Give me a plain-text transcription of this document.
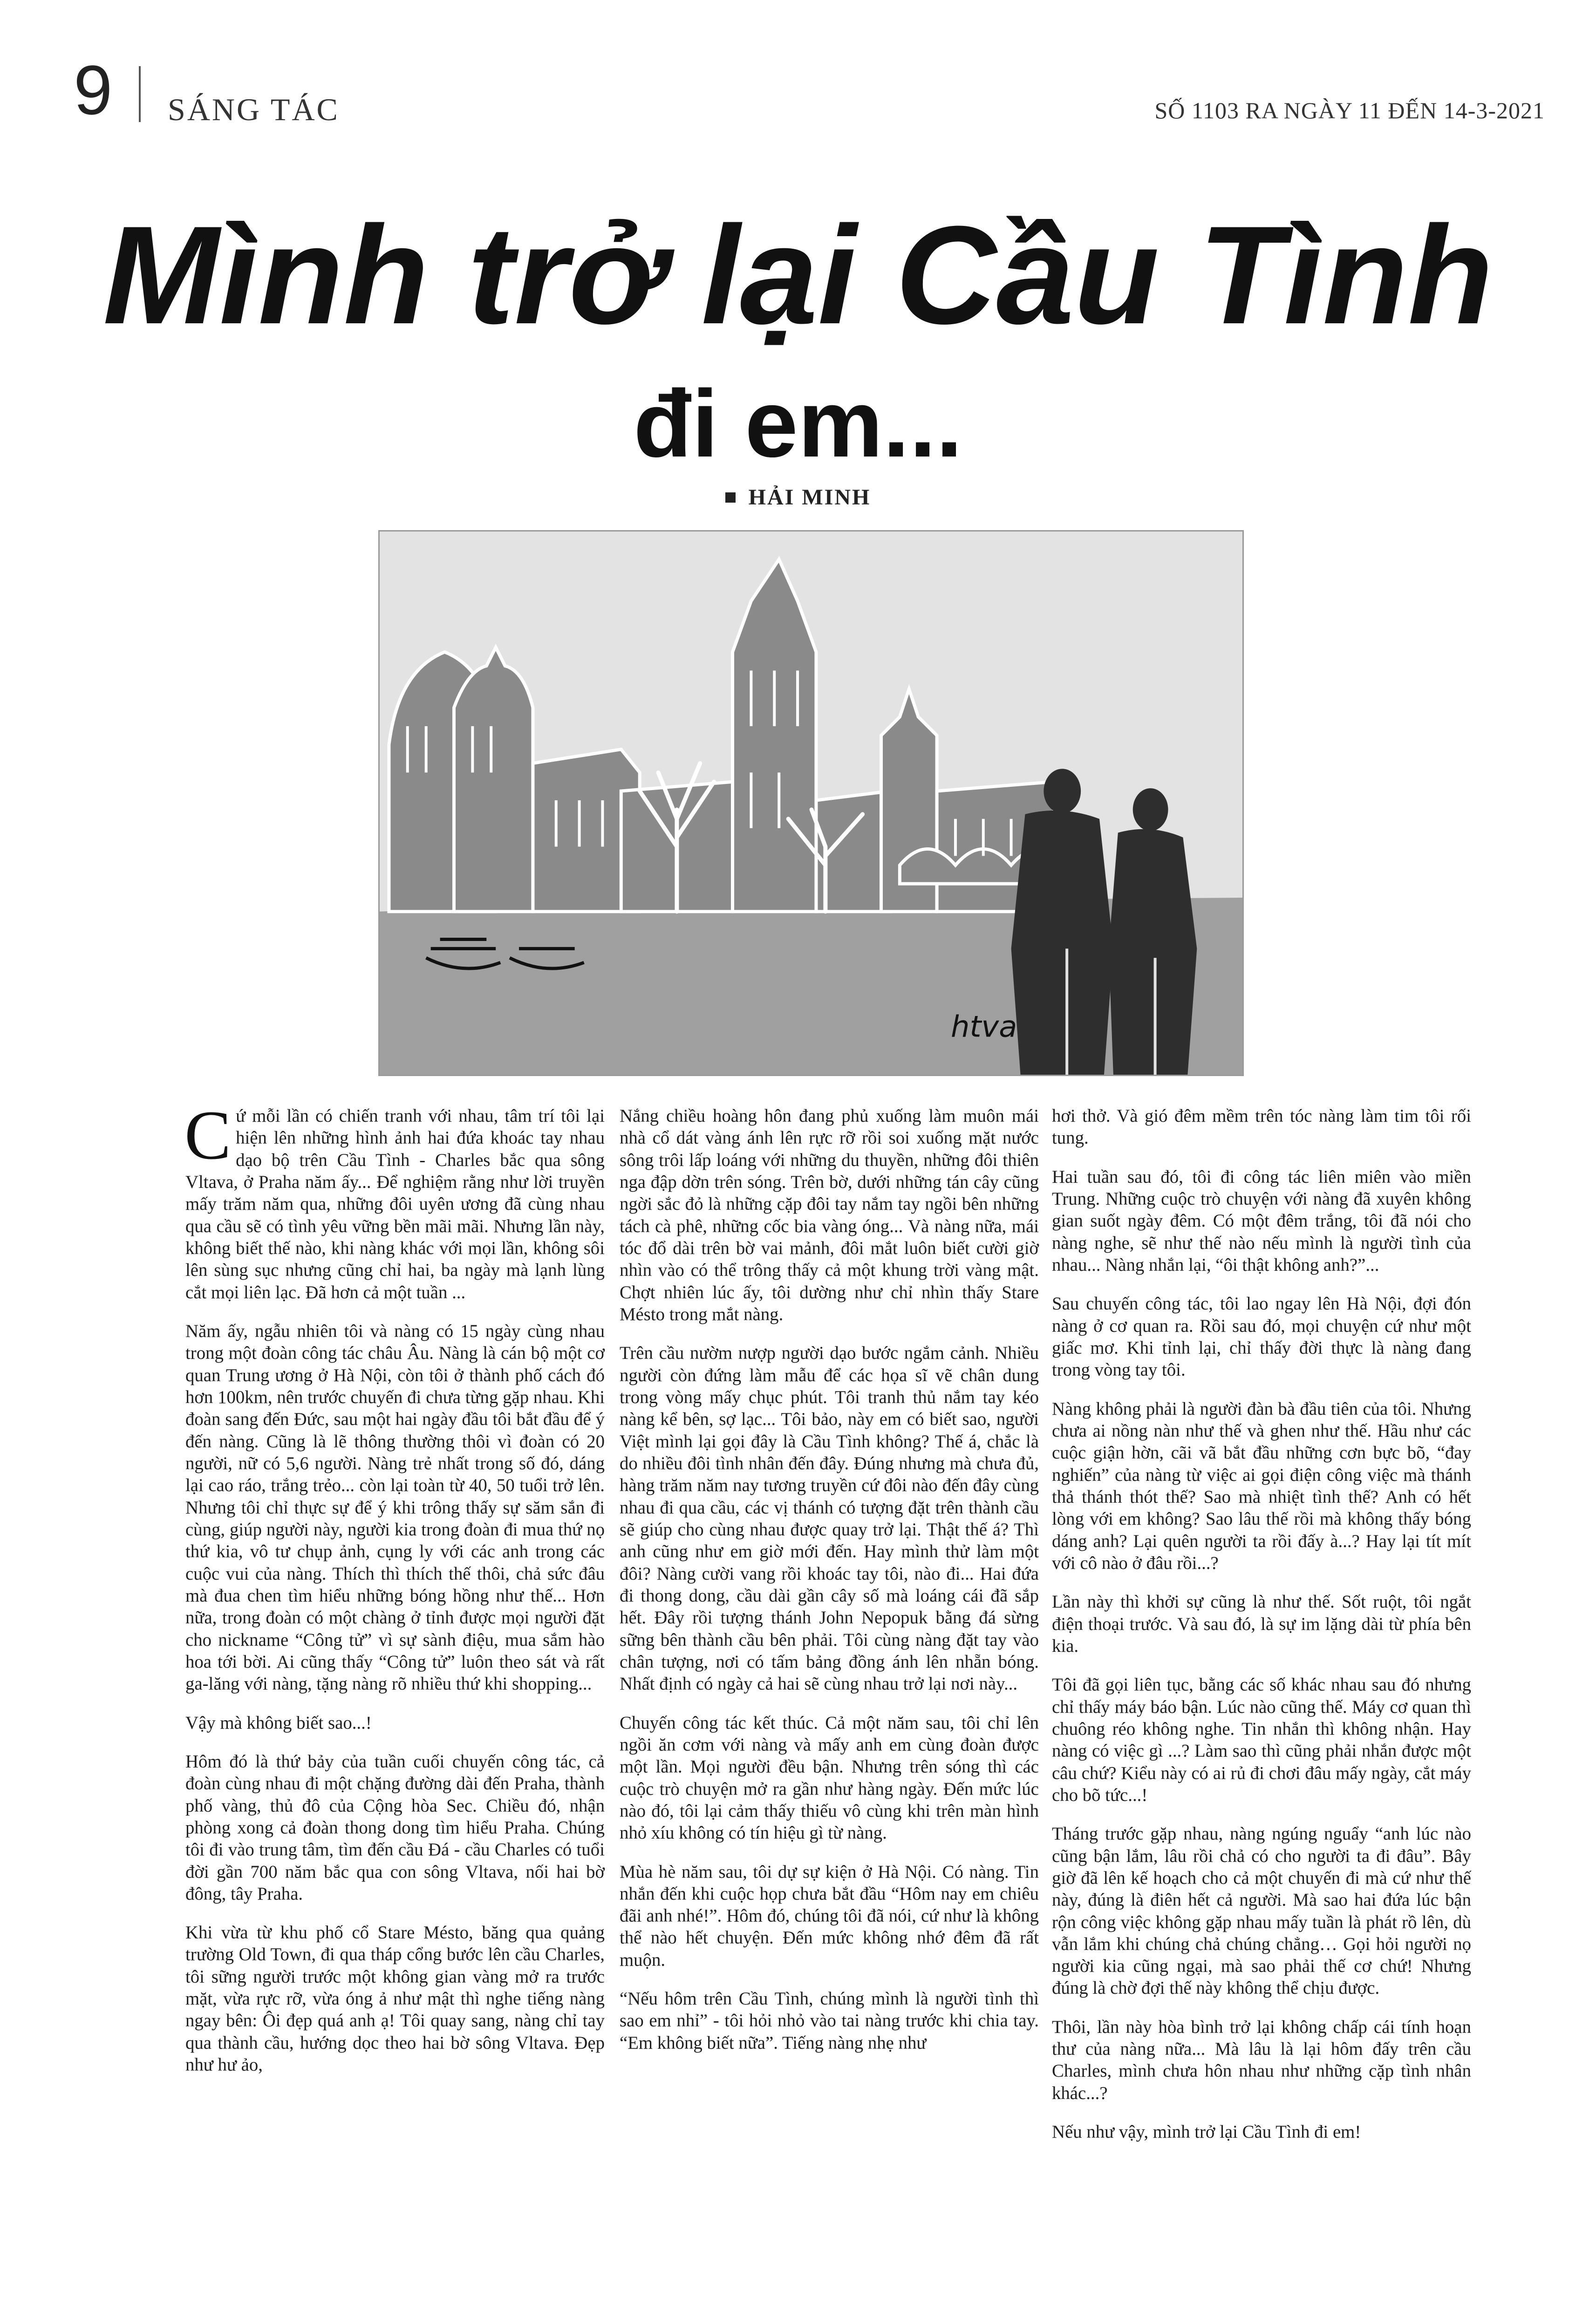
9 SÁNG TÁC	SỐ 1103 RA NGÀY 11 ĐẾN 14-3-2021
Mình trở lại Cầu Tình
đi em...
HẢI MINH
htva

Cứ mỗi lần có chiến tranh với nhau, tâm trí tôi lại hiện lên những hình ảnh hai đứa khoác tay nhau dạo bộ trên Cầu Tình - Charles bắc qua sông Vltava, ở Praha năm ấy... Để nghiệm rằng như lời truyền mấy trăm năm qua, những đôi uyên ương đã cùng nhau qua cầu sẽ có tình yêu vững bền mãi mãi. Nhưng lần này, không biết thế nào, khi nàng khác với mọi lần, không sôi lên sùng sục nhưng cũng chỉ hai, ba ngày mà lạnh lùng cắt mọi liên lạc. Đã hơn cả một tuần ...

Năm ấy, ngẫu nhiên tôi và nàng có 15 ngày cùng nhau trong một đoàn công tác châu Âu. Nàng là cán bộ một cơ quan Trung ương ở Hà Nội, còn tôi ở thành phố cách đó hơn 100km, nên trước chuyến đi chưa từng gặp nhau. Khi đoàn sang đến Đức, sau một hai ngày đầu tôi bắt đầu để ý đến nàng. Cũng là lẽ thông thường thôi vì đoàn có 20 người, nữ có 5,6 người. Nàng trẻ nhất trong số đó, dáng lại cao ráo, trắng trẻo... còn lại toàn từ 40, 50 tuổi trở lên. Nhưng tôi chỉ thực sự để ý khi trông thấy sự săm sắn đi cùng, giúp người này, người kia trong đoàn đi mua thứ nọ thứ kia, vô tư chụp ảnh, cụng ly với các anh trong các cuộc vui của nàng. Thích thì thích thế thôi, chả sức đâu mà đua chen tìm hiểu những bóng hồng như thế... Hơn nữa, trong đoàn có một chàng ở tỉnh được mọi người đặt cho nickname “Công tử” vì sự sành điệu, mua sắm hào hoa tới bời. Ai cũng thấy “Công tử” luôn theo sát và rất ga-lăng với nàng, tặng nàng rõ nhiều thứ khi shopping...

Vậy mà không biết sao...!

Hôm đó là thứ bảy của tuần cuối chuyến công tác, cả đoàn cùng nhau đi một chặng đường dài đến Praha, thành phố vàng, thủ đô của Cộng hòa Sec. Chiều đó, nhận phòng xong cả đoàn thong dong tìm hiểu Praha. Chúng tôi đi vào trung tâm, tìm đến cầu Đá - cầu Charles có tuổi đời gần 700 năm bắc qua con sông Vltava, nối hai bờ đông, tây Praha.

Khi vừa từ khu phố cổ Stare Mésto, băng qua quảng trường Old Town, đi qua tháp cổng bước lên cầu Charles, tôi sững người trước một không gian vàng mở ra trước mặt, vừa rực rỡ, vừa óng ả như mật thì nghe tiếng nàng ngay bên: Ôi đẹp quá anh ạ! Tôi quay sang, nàng chỉ tay qua thành cầu, hướng dọc theo hai bờ sông Vltava. Đẹp như hư ảo,

Nắng chiều hoàng hôn đang phủ xuống làm muôn mái nhà cổ dát vàng ánh lên rực rỡ rồi soi xuống mặt nước sông trôi lấp loáng với những du thuyền, những đôi thiên nga đập dờn trên sóng. Trên bờ, dưới những tán cây cũng ngời sắc đỏ là những cặp đôi tay nắm tay ngồi bên những tách cà phê, những cốc bia vàng óng... Và nàng nữa, mái tóc đổ dài trên bờ vai mảnh, đôi mắt luôn biết cười giờ nhìn vào có thể trông thấy cả một khung trời vàng mật. Chợt nhiên lúc ấy, tôi dường như chỉ nhìn thấy Stare Mésto trong mắt nàng.

Trên cầu nườm nượp người dạo bước ngắm cảnh. Nhiều người còn đứng làm mẫu để các họa sĩ vẽ chân dung trong vòng mấy chục phút. Tôi tranh thủ nắm tay kéo nàng kể bên, sợ lạc... Tôi bảo, này em có biết sao, người Việt mình lại gọi đây là Cầu Tình không? Thế á, chắc là do nhiều đôi tình nhân đến đây. Đúng nhưng mà chưa đủ, hàng trăm năm nay tương truyền cứ đôi nào đến đây cùng nhau đi qua cầu, các vị thánh có tượng đặt trên thành cầu sẽ giúp cho cùng nhau được quay trở lại. Thật thế á? Thì anh cũng như em giờ mới đến. Hay mình thử làm một đôi? Nàng cười vang rồi khoác tay tôi, nào đi... Hai đứa đi thong dong, cầu dài gần cây số mà loáng cái đã sắp hết. Đây rồi tượng thánh John Nepopuk bằng đá sừng sững bên thành cầu bên phải. Tôi cùng nàng đặt tay vào chân tượng, nơi có tấm bảng đồng ánh lên nhẵn bóng. Nhất định có ngày cả hai sẽ cùng nhau trở lại nơi này...

Chuyến công tác kết thúc. Cả một năm sau, tôi chỉ lên ngồi ăn cơm với nàng và mấy anh em cùng đoàn được một lần. Mọi người đều bận. Nhưng trên sóng thì các cuộc trò chuyện mở ra gần như hàng ngày. Đến mức lúc nào đó, tôi lại cảm thấy thiếu vô cùng khi trên màn hình nhỏ xíu không có tín hiệu gì từ nàng.

Mùa hè năm sau, tôi dự sự kiện ở Hà Nội. Có nàng. Tin nhắn đến khi cuộc họp chưa bắt đầu “Hôm nay em chiêu đãi anh nhé!”. Hôm đó, chúng tôi đã nói, cứ như là không thể nào hết chuyện. Đến mức không nhớ đêm đã rất muộn.

“Nếu hôm trên Cầu Tình, chúng mình là người tình thì sao em nhỉ” - tôi hỏi nhỏ vào tai nàng trước khi chia tay. “Em không biết nữa”. Tiếng nàng nhẹ như

hơi thở. Và gió đêm mềm trên tóc nàng làm tim tôi rối tung.

Hai tuần sau đó, tôi đi công tác liên miên vào miền Trung. Những cuộc trò chuyện với nàng đã xuyên không gian suốt ngày đêm. Có một đêm trắng, tôi đã nói cho nàng nghe, sẽ như thế nào nếu mình là người tình của nhau... Nàng nhắn lại, “ôi thật không anh?”...

Sau chuyến công tác, tôi lao ngay lên Hà Nội, đợi đón nàng ở cơ quan ra. Rồi sau đó, mọi chuyện cứ như một giấc mơ. Khi tỉnh lại, chỉ thấy đời thực là nàng đang trong vòng tay tôi.

Nàng không phải là người đàn bà đầu tiên của tôi. Nhưng chưa ai nồng nàn như thế và ghen như thế. Hầu như các cuộc giận hờn, cãi vã bắt đầu những cơn bực bõ, “đay nghiến” của nàng từ việc ai gọi điện công việc mà thánh thả thánh thót thế? Sao mà nhiệt tình thế? Anh có hết lòng với em không? Sao lâu thế rồi mà không thấy bóng dáng anh? Lại quên người ta rồi đấy à...? Hay lại tít mít với cô nào ở đâu rồi...?

Lần này thì khởi sự cũng là như thế. Sốt ruột, tôi ngắt điện thoại trước. Và sau đó, là sự im lặng dài từ phía bên kia.

Tôi đã gọi liên tục, bằng các số khác nhau sau đó nhưng chỉ thấy máy báo bận. Lúc nào cũng thế. Máy cơ quan thì chuông réo không nghe. Tin nhắn thì không nhận. Hay nàng có việc gì ...? Làm sao thì cũng phải nhắn được một câu chứ? Kiểu này có ai rủ đi chơi đâu mấy ngày, cắt máy cho bõ tức...!

Tháng trước gặp nhau, nàng ngúng nguẩy “anh lúc nào cũng bận lắm, lâu rồi chả có cho người ta đi đâu”. Bây giờ đã lên kế hoạch cho cả một chuyến đi mà cứ như thế này, đúng là điên hết cả người. Mà sao hai đứa lúc bận rộn công việc không gặp nhau mấy tuần là phát rồ lên, dù vẫn lắm khi chúng chả chúng chẳng… Gọi hỏi người nọ người kia cũng ngại, mà sao phải thế cơ chứ! Nhưng đúng là chờ đợi thế này không thể chịu được.

Thôi, lần này hòa bình trở lại không chấp cái tính hoạn thư của nàng nữa... Mà lâu là lại hôm đấy trên cầu Charles, mình chưa hôn nhau như những cặp tình nhân khác...?

Nếu như vậy, mình trở lại Cầu Tình đi em!
